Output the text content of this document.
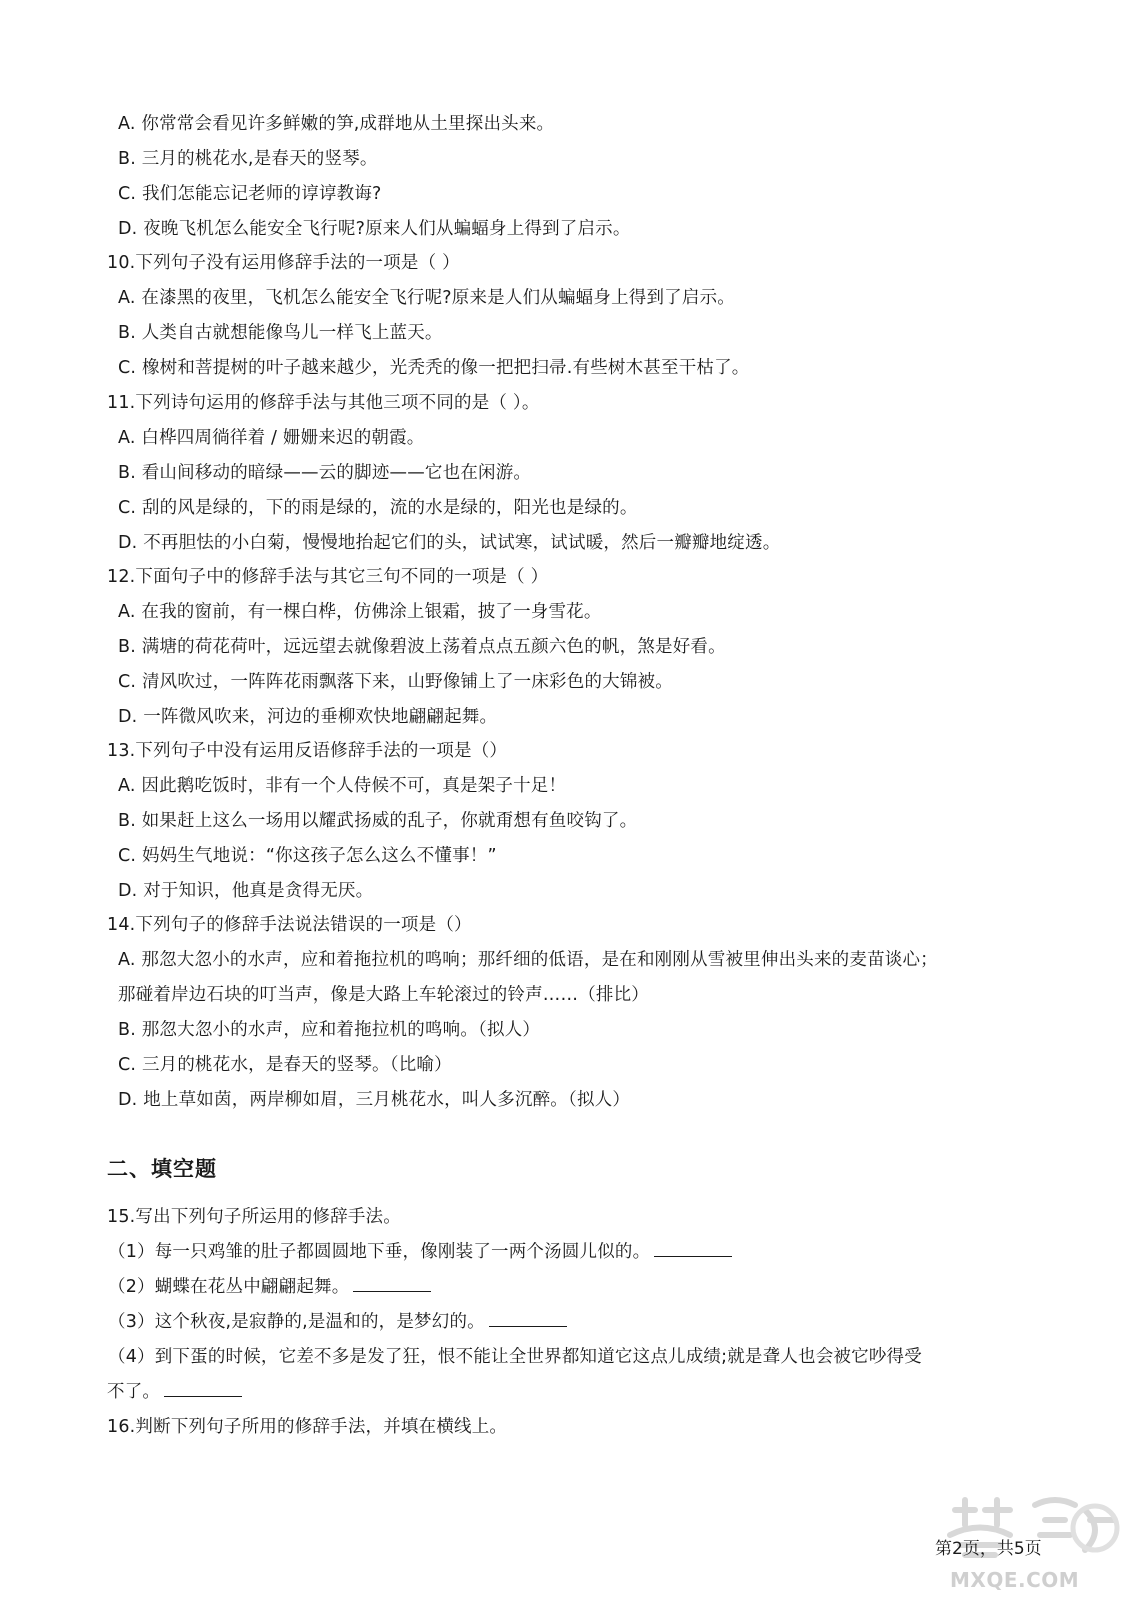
A. 你常常会看见许多鲜嫩的笋,成群地从土里探出头来。
B. 三月的桃花水,是春天的竖琴。
C. 我们怎能忘记老师的谆谆教诲?
D. 夜晚飞机怎么能安全飞行呢?原来人们从蝙蝠身上得到了启示。
10.下列句子没有运用修辞手法的一项是（ ）
A. 在漆黑的夜里，飞机怎么能安全飞行呢?原来是人们从蝙蝠身上得到了启示。
B. 人类自古就想能像鸟儿一样飞上蓝天。
C. 橡树和菩提树的叶子越来越少，光秃秃的像一把把扫帚.有些树木甚至干枯了。
11.下列诗句运用的修辞手法与其他三项不同的是（ ）。
A. 白桦四周徜徉着 / 姗姗来迟的朝霞。
B. 看山间移动的暗绿——云的脚迹——它也在闲游。
C. 刮的风是绿的，下的雨是绿的，流的水是绿的，阳光也是绿的。
D. 不再胆怯的小白菊，慢慢地抬起它们的头，试试寒，试试暖，然后一瓣瓣地绽透。
12.下面句子中的修辞手法与其它三句不同的一项是（ ）
A. 在我的窗前，有一棵白桦，仿佛涂上银霜，披了一身雪花。
B. 满塘的荷花荷叶，远远望去就像碧波上荡着点点五颜六色的帆，煞是好看。
C. 清风吹过，一阵阵花雨飘落下来，山野像铺上了一床彩色的大锦被。
D. 一阵微风吹来，河边的垂柳欢快地翩翩起舞。
13.下列句子中没有运用反语修辞手法的一项是（）
A. 因此鹅吃饭时，非有一个人侍候不可，真是架子十足！
B. 如果赶上这么一场用以耀武扬威的乱子，你就甭想有鱼咬钩了。
C. 妈妈生气地说：“你这孩子怎么这么不懂事！”
D. 对于知识，他真是贪得无厌。
14.下列句子的修辞手法说法错误的一项是（）
A. 那忽大忽小的水声，应和着拖拉机的鸣响；那纤细的低语，是在和刚刚从雪被里伸出头来的麦苗谈心；
那碰着岸边石块的叮当声，像是大路上车轮滚过的铃声……（排比）
B. 那忽大忽小的水声，应和着拖拉机的鸣响。（拟人）
C. 三月的桃花水，是春天的竖琴。（比喻）
D. 地上草如茵，两岸柳如眉，三月桃花水，叫人多沉醉。（拟人）
二、填空题
15.写出下列句子所运用的修辞手法。
（1）每一只鸡雏的肚子都圆圆地下垂，像刚装了一两个汤圆儿似的。
（2）蝴蝶在花丛中翩翩起舞。
（3）这个秋夜,是寂静的,是温和的，是梦幻的。
（4）到下蛋的时候，它差不多是发了狂，恨不能让全世界都知道它这点儿成绩;就是聋人也会被它吵得受
不了。
16.判断下列句子所用的修辞手法，并填在横线上。
第2页，共5页
MXQE.COM
